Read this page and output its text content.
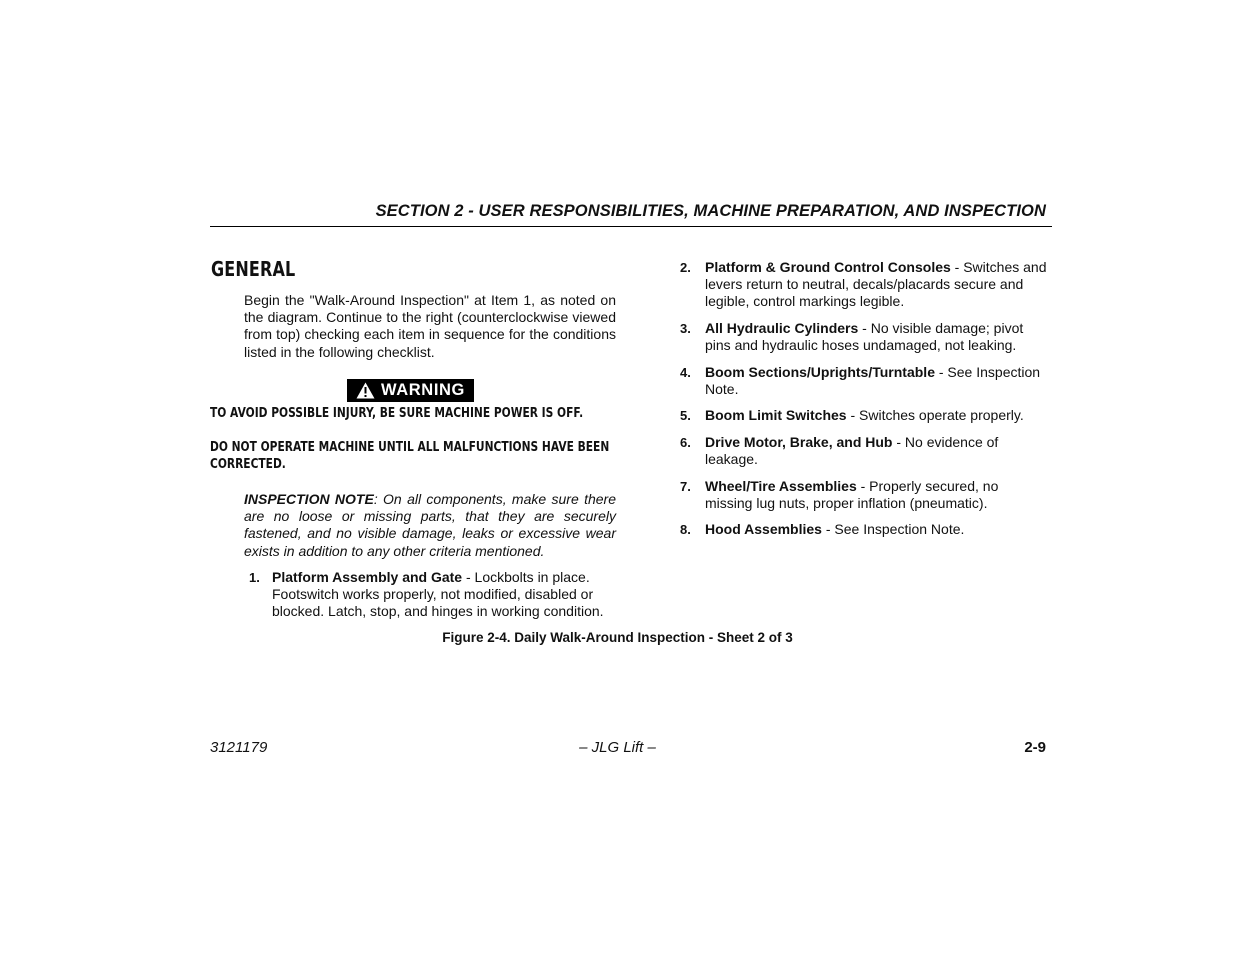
SECTION 2 - USER RESPONSIBILITIES, MACHINE PREPARATION, AND INSPECTION
GENERAL
Begin the "Walk-Around Inspection" at Item 1, as noted on the diagram. Continue to the right (counterclockwise viewed from top) checking each item in sequence for the conditions listed in the following checklist.
WARNING
TO AVOID POSSIBLE INJURY, BE SURE MACHINE POWER IS OFF.
DO NOT OPERATE MACHINE UNTIL ALL MALFUNCTIONS HAVE BEEN
CORRECTED.
INSPECTION NOTE: On all components, make sure there are no loose or missing parts, that they are securely fastened, and no visible damage, leaks or excessive wear exists in addition to any other criteria mentioned.
1. Platform Assembly and Gate - Lockbolts in place. Footswitch works properly, not modified, disabled or blocked. Latch, stop, and hinges in working condition.
2. Platform & Ground Control Consoles - Switches and levers return to neutral, decals/placards secure and legible, control markings legible.
3. All Hydraulic Cylinders - No visible damage; pivot pins and hydraulic hoses undamaged, not leaking.
4. Boom Sections/Uprights/Turntable - See Inspection Note.
5. Boom Limit Switches - Switches operate properly.
6. Drive Motor, Brake, and Hub - No evidence of leakage.
7. Wheel/Tire Assemblies - Properly secured, no missing lug nuts, proper inflation (pneumatic).
8. Hood Assemblies - See Inspection Note.
Figure 2-4. Daily Walk-Around Inspection - Sheet 2 of 3
3121179	– JLG Lift –	2-9
